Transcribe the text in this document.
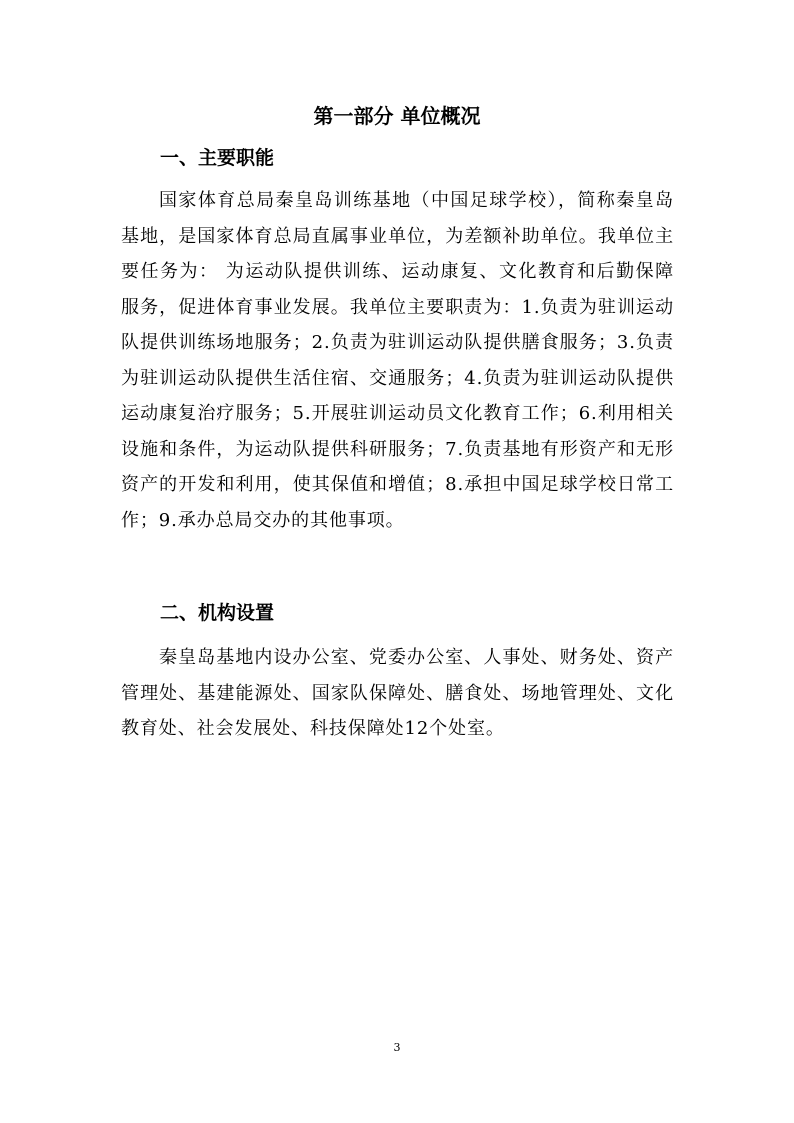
第一部分 单位概况
一、主要职能

国家体育总局秦皇岛训练基地（中国足球学校），简称秦皇岛基地，是国家体育总局直属事业单位，为差额补助单位。我单位主要任务为： 为运动队提供训练、运动康复、文化教育和后勤保障服务，促进体育事业发展。我单位主要职责为：1.负责为驻训运动队提供训练场地服务；2.负责为驻训运动队提供膳食服务；3.负责为驻训运动队提供生活住宿、交通服务；4.负责为驻训运动队提供运动康复治疗服务；5.开展驻训运动员文化教育工作；6.利用相关设施和条件，为运动队提供科研服务；7.负责基地有形资产和无形资产的开发和利用，使其保值和增值；8.承担中国足球学校日常工作；9.承办总局交办的其他事项。

二、机构设置

秦皇岛基地内设办公室、党委办公室、人事处、财务处、资产管理处、基建能源处、国家队保障处、膳食处、场地管理处、文化教育处、社会发展处、科技保障处12个处室。

3
